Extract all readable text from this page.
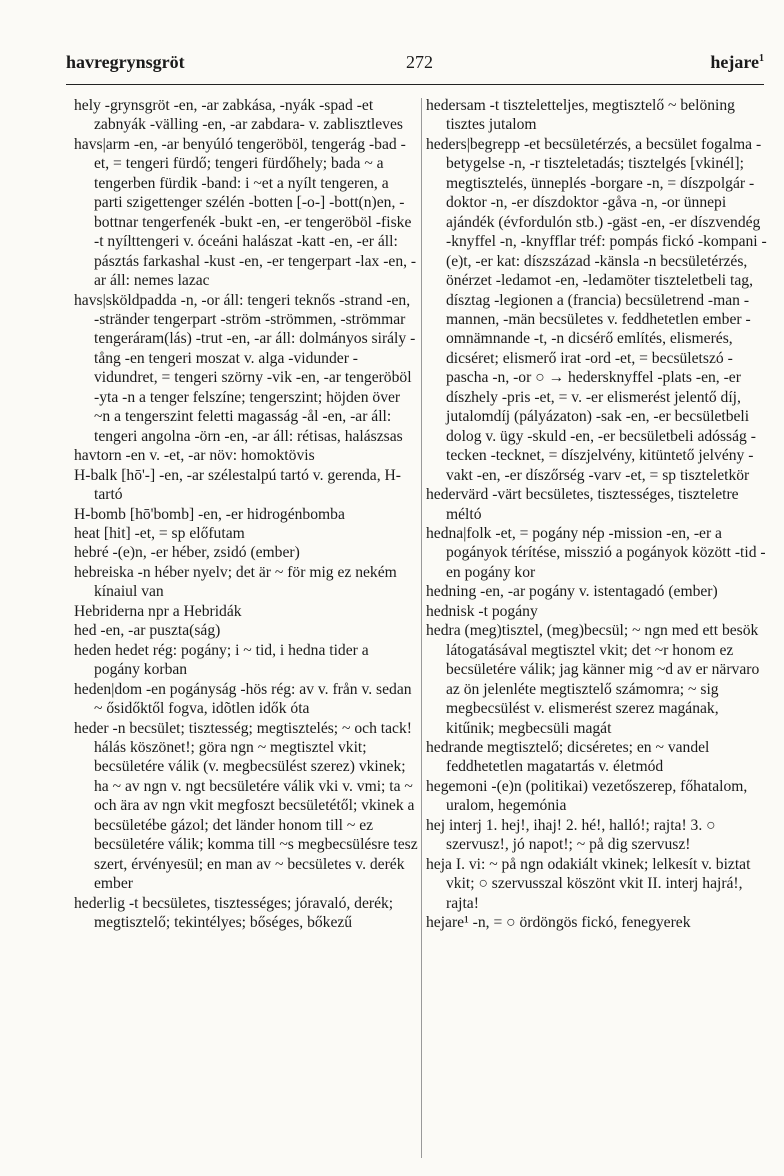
havregrynsgröt	272	hejare$^1$

hely -grynsgröt -en, -ar zabkása, -nyák -spad -et zabnyák -välling -en, -ar zabdara- v. zablisztleves

havs|arm -en, -ar benyúló tengeröböl, tengerág -bad -et, = tengeri fürdő; tengeri fürdőhely; bada ~ a tengerben fürdik -band: i ~et a nyílt tengeren, a parti szigettenger szélén -botten [-o-] -bott(n)en, -bottnar tengerfenék -bukt -en, -er tengeröböl -fiske -t nyílttengeri v. óceáni halászat -katt -en, -er áll: pásztás farkashal -kust -en, -er tengerpart -lax -en, -ar áll: nemes lazac

havs|sköldpadda -n, -or áll: tengeri teknős -strand -en, -stränder tengerpart -ström -strömmen, -strömmar tengeráram(lás) -trut -en, -ar áll: dolmányos sirály -tång -en tengeri moszat v. alga -vidunder -vidundret, = tengeri szörny -vik -en, -ar tengeröböl -yta -n a tenger felszíne; tengerszint; höjden över ~n a tengerszint feletti magasság -ål -en, -ar áll: tengeri angolna -örn -en, -ar áll: rétisas, halászsas

havtorn -en v. -et, -ar növ: homoktövis

H-balk [hō'-] -en, -ar szélestalpú tartó v. gerenda, H-tartó

H-bomb [hō'bomb] -en, -er hidrogénbomba

heat [hit] -et, = sp előfutam

hebré -(e)n, -er héber, zsidó (ember)

hebreiska -n héber nyelv; det är ~ för mig ez nekém kínaiul van

Hebriderna npr a Hebridák

hed -en, -ar puszta(ság)

heden hedet rég: pogány; i ~ tid, i hedna tider a pogány korban

heden|dom -en pogányság -hös rég: av v. från v. sedan ~ ősidőktől fogva, idõtlen idők óta

heder -n becsület; tisztesség; megtisztelés; ~ och tack! hálás köszönet!; göra ngn ~ megtisztel vkit; becsületére válik (v. megbecsülést szerez) vkinek; ha ~ av ngn v. ngt becsületére válik vki v. vmi; ta ~ och ära av ngn vkit megfoszt becsületétől; vkinek a becsületébe gázol; det länder honom till ~ ez becsületére válik; komma till ~s megbecsülésre tesz szert, érvényesül; en man av ~ becsületes v. derék ember

hederlig -t becsületes, tisztességes; jóravaló, derék; megtisztelő; tekintélyes; bőséges, bőkezű

hedersam -t tiszteletteljes, megtisztelő ~ belöning tisztes jutalom

heders|begrepp -et becsületérzés, a becsület fogalma -betygelse -n, -r tiszteletadás; tisztelgés [vkinél]; megtisztelés, ünneplés -borgare -n, = díszpolgár -doktor -n, -er díszdoktor -gåva -n, -or ünnepi ajándék (évfordulón stb.) -gäst -en, -er díszvendég -knyffel -n, -knyfflar tréf: pompás fickó -kompani -(e)t, -er kat: díszszázad -känsla -n becsületérzés, önérzet -ledamot -en, -ledamöter tiszteletbeli tag, dísztag -legionen a (francia) becsületrend -man -mannen, -män becsületes v. feddhetetlen ember -omnämnande -t, -n dicsérő említés, elismerés, dicséret; elismerő irat -ord -et, = becsületszó -pascha -n, -or ○ → hedersknyffel -plats -en, -er díszhely -pris -et, = v. -er elismerést jelentő díj, jutalomdíj (pályázaton) -sak -en, -er becsületbeli dolog v. ügy -skuld -en, -er becsületbeli adósság -tecken -tecknet, = díszjelvény, kitüntető jelvény -vakt -en, -er díszőrség -varv -et, = sp tiszteletkör

hedervärd -värt becsületes, tisztességes, tiszteletre méltó

hedna|folk -et, = pogány nép -mission -en, -er a pogányok térítése, misszió a pogányok között -tid -en pogány kor

hedning -en, -ar pogány v. istentagadó (ember)

hednisk -t pogány

hedra (meg)tisztel, (meg)becsül; ~ ngn med ett besök látogatásával megtisztel vkit; det ~r honom ez becsületére válik; jag känner mig ~d av er närvaro az ön jelenléte megtisztelő számomra; ~ sig megbecsülést v. elismerést szerez magának, kitűnik; megbecsüli magát

hedrande megtisztelő; dicséretes; en ~ vandel feddhetetlen magatartás v. életmód

hegemoni -(e)n (politikai) vezetőszerep, főhatalom, uralom, hegemónia

hej interj 1. hej!, ihaj! 2. hé!, halló!; rajta! 3. ○ szervusz!, jó napot!; ~ på dig szervusz!

heja I. vi: ~ på ngn odakiált vkinek; lelkesít v. biztat vkit; ○ szervusszal köszönt vkit II. interj hajrá!, rajta!

hejare¹ -n, = ○ ördöngös fickó, fenegyerek
